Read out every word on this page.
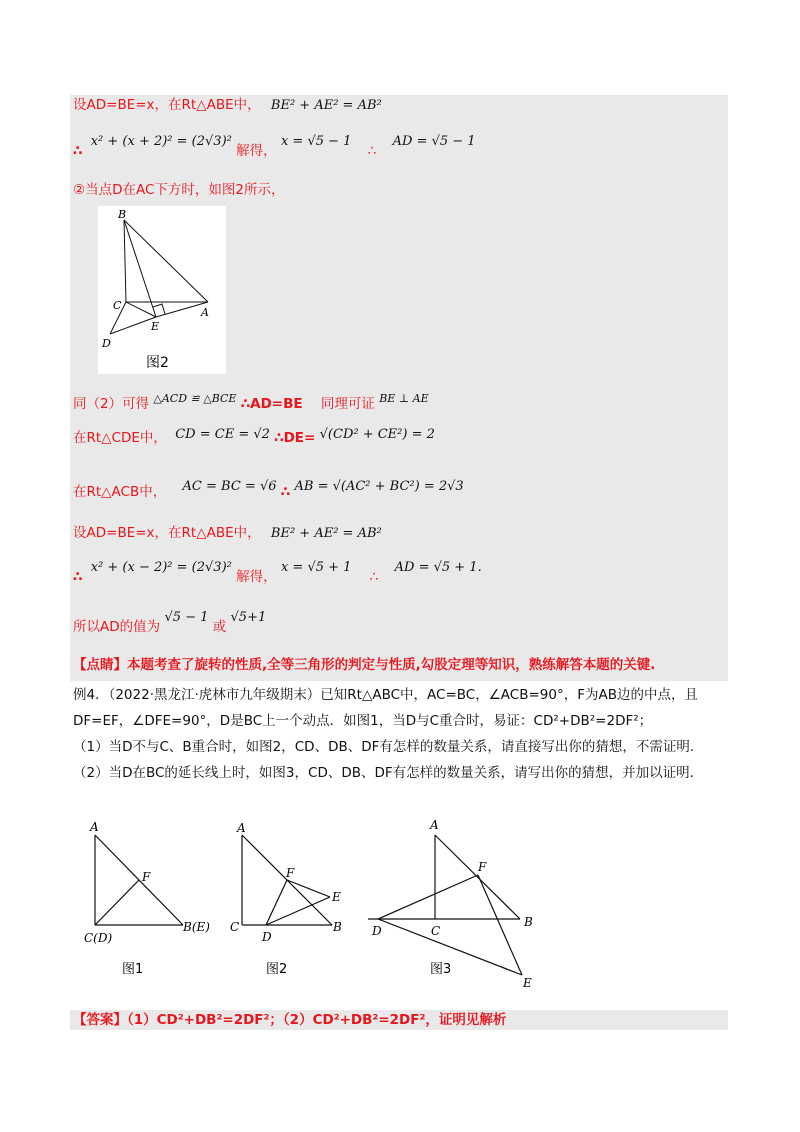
设AD=BE=x，在Rt△ABE中， BE² + AE² = AB²
∴ x² + (x + 2)² = (2√3)² 解得， x = √5 − 1 ∴ AD = √5 − 1
②当点D在AC下方时，如图2所示，
B
C
A
E
D
图2
同（2）可得 △ACD ≌ △BCE ∴AD=BE 同理可证 BE ⊥ AE
在Rt△CDE中， CD = CE = √2 ∴DE= √(CD² + CE²) = 2
在Rt△ACB中， AC = BC = √6 ∴ AB = √(AC² + BC²) = 2√3
设AD=BE=x，在Rt△ABE中， BE² + AE² = AB²
∴ x² + (x − 2)² = (2√3)² 解得， x = √5 + 1 ∴ AD = √5 + 1.
所以AD的值为 √5 − 1 或 √5+1
【点睛】本题考查了旋转的性质,全等三角形的判定与性质,勾股定理等知识，熟练解答本题的关键.
例4．（2022·黑龙江·虎林市九年级期末）已知Rt△ABC中，AC=BC，∠ACB=90°，F为AB边的中点，且
DF=EF，∠DFE=90°，D是BC上一个动点．如图1，当D与C重合时，易证：CD²+DB²=2DF²；
（1）当D不与C、B重合时，如图2，CD、DB、DF有怎样的数量关系，请直接写出你的猜想，不需证明．
（2）当D在BC的延长线上时，如图3，CD、DB、DF有怎样的数量关系，请写出你的猜想，并加以证明．
A
F
C(D)
B(E)
图1
A
F
E
C
D
B
图2
A
F
B
D	C
E
图3
【答案】（1）CD²+DB²=2DF²；（2）CD²+DB²=2DF²，证明见解析
